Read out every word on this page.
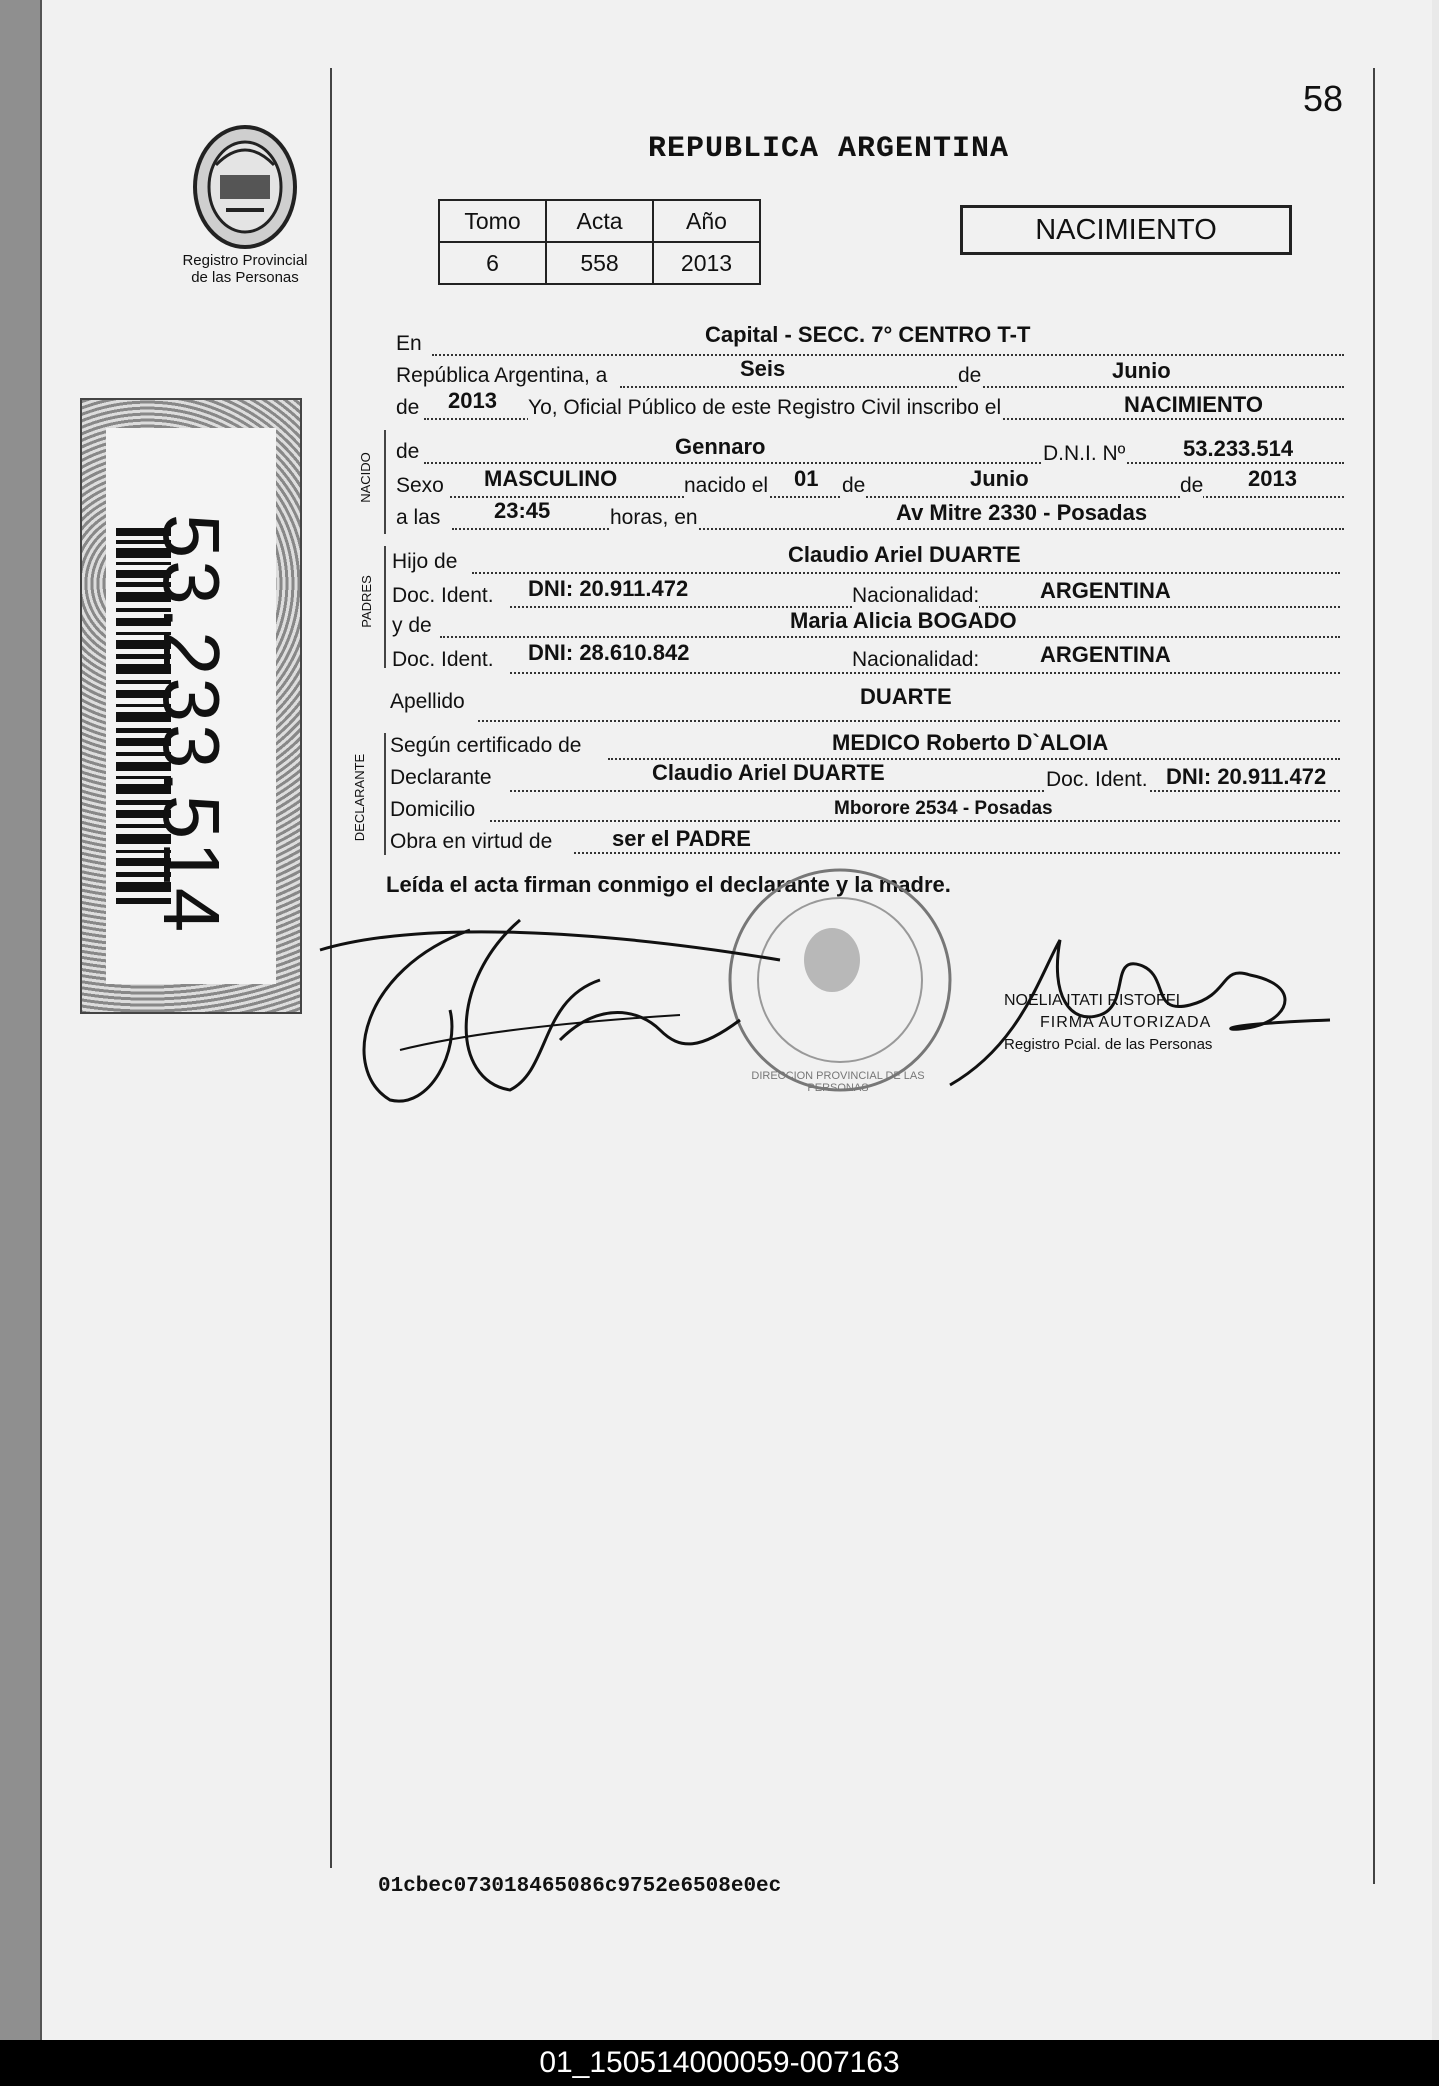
58
REPUBLICA ARGENTINA
Registro Provincial
de las Personas
Tomo	Acta	Año
6	558	2013
NACIMIENTO
53.233.514
NACIDO
PADRES
DECLARANTE
En	Capital - SECC. 7° CENTRO T-T
República Argentina, a	Seis	de	Junio
de 2013 Yo, Oficial Público de este Registro Civil inscribo el	NACIMIENTO
de	Gennaro	D.N.I. Nº	53.233.514
Sexo MASCULINO	nacido el 01 de	Junio	de 2013
a las 23:45	horas, en	Av Mitre 2330 - Posadas
Hijo de	Claudio Ariel DUARTE
Doc. Ident. DNI: 20.911.472	Nacionalidad:	ARGENTINA
y de	Maria Alicia BOGADO
Doc. Ident. DNI: 28.610.842	Nacionalidad:	ARGENTINA
Apellido	DUARTE
Según certificado de	MEDICO Roberto D`ALOIA
Declarante	Claudio Ariel DUARTE	Doc. Ident. DNI: 20.911.472
Domicilio	Mborore 2534 - Posadas
Obra en virtud de	ser el PADRE
Leída el acta firman conmigo el declarante y la madre.
DIRECCION PROVINCIAL DE LAS PERSONAS
NOELIA ITATI RISTOFFI
FIRMA AUTORIZADA
Registro Pcial. de las Personas
01cbec073018465086c9752e6508e0ec
01_150514000059-007163
